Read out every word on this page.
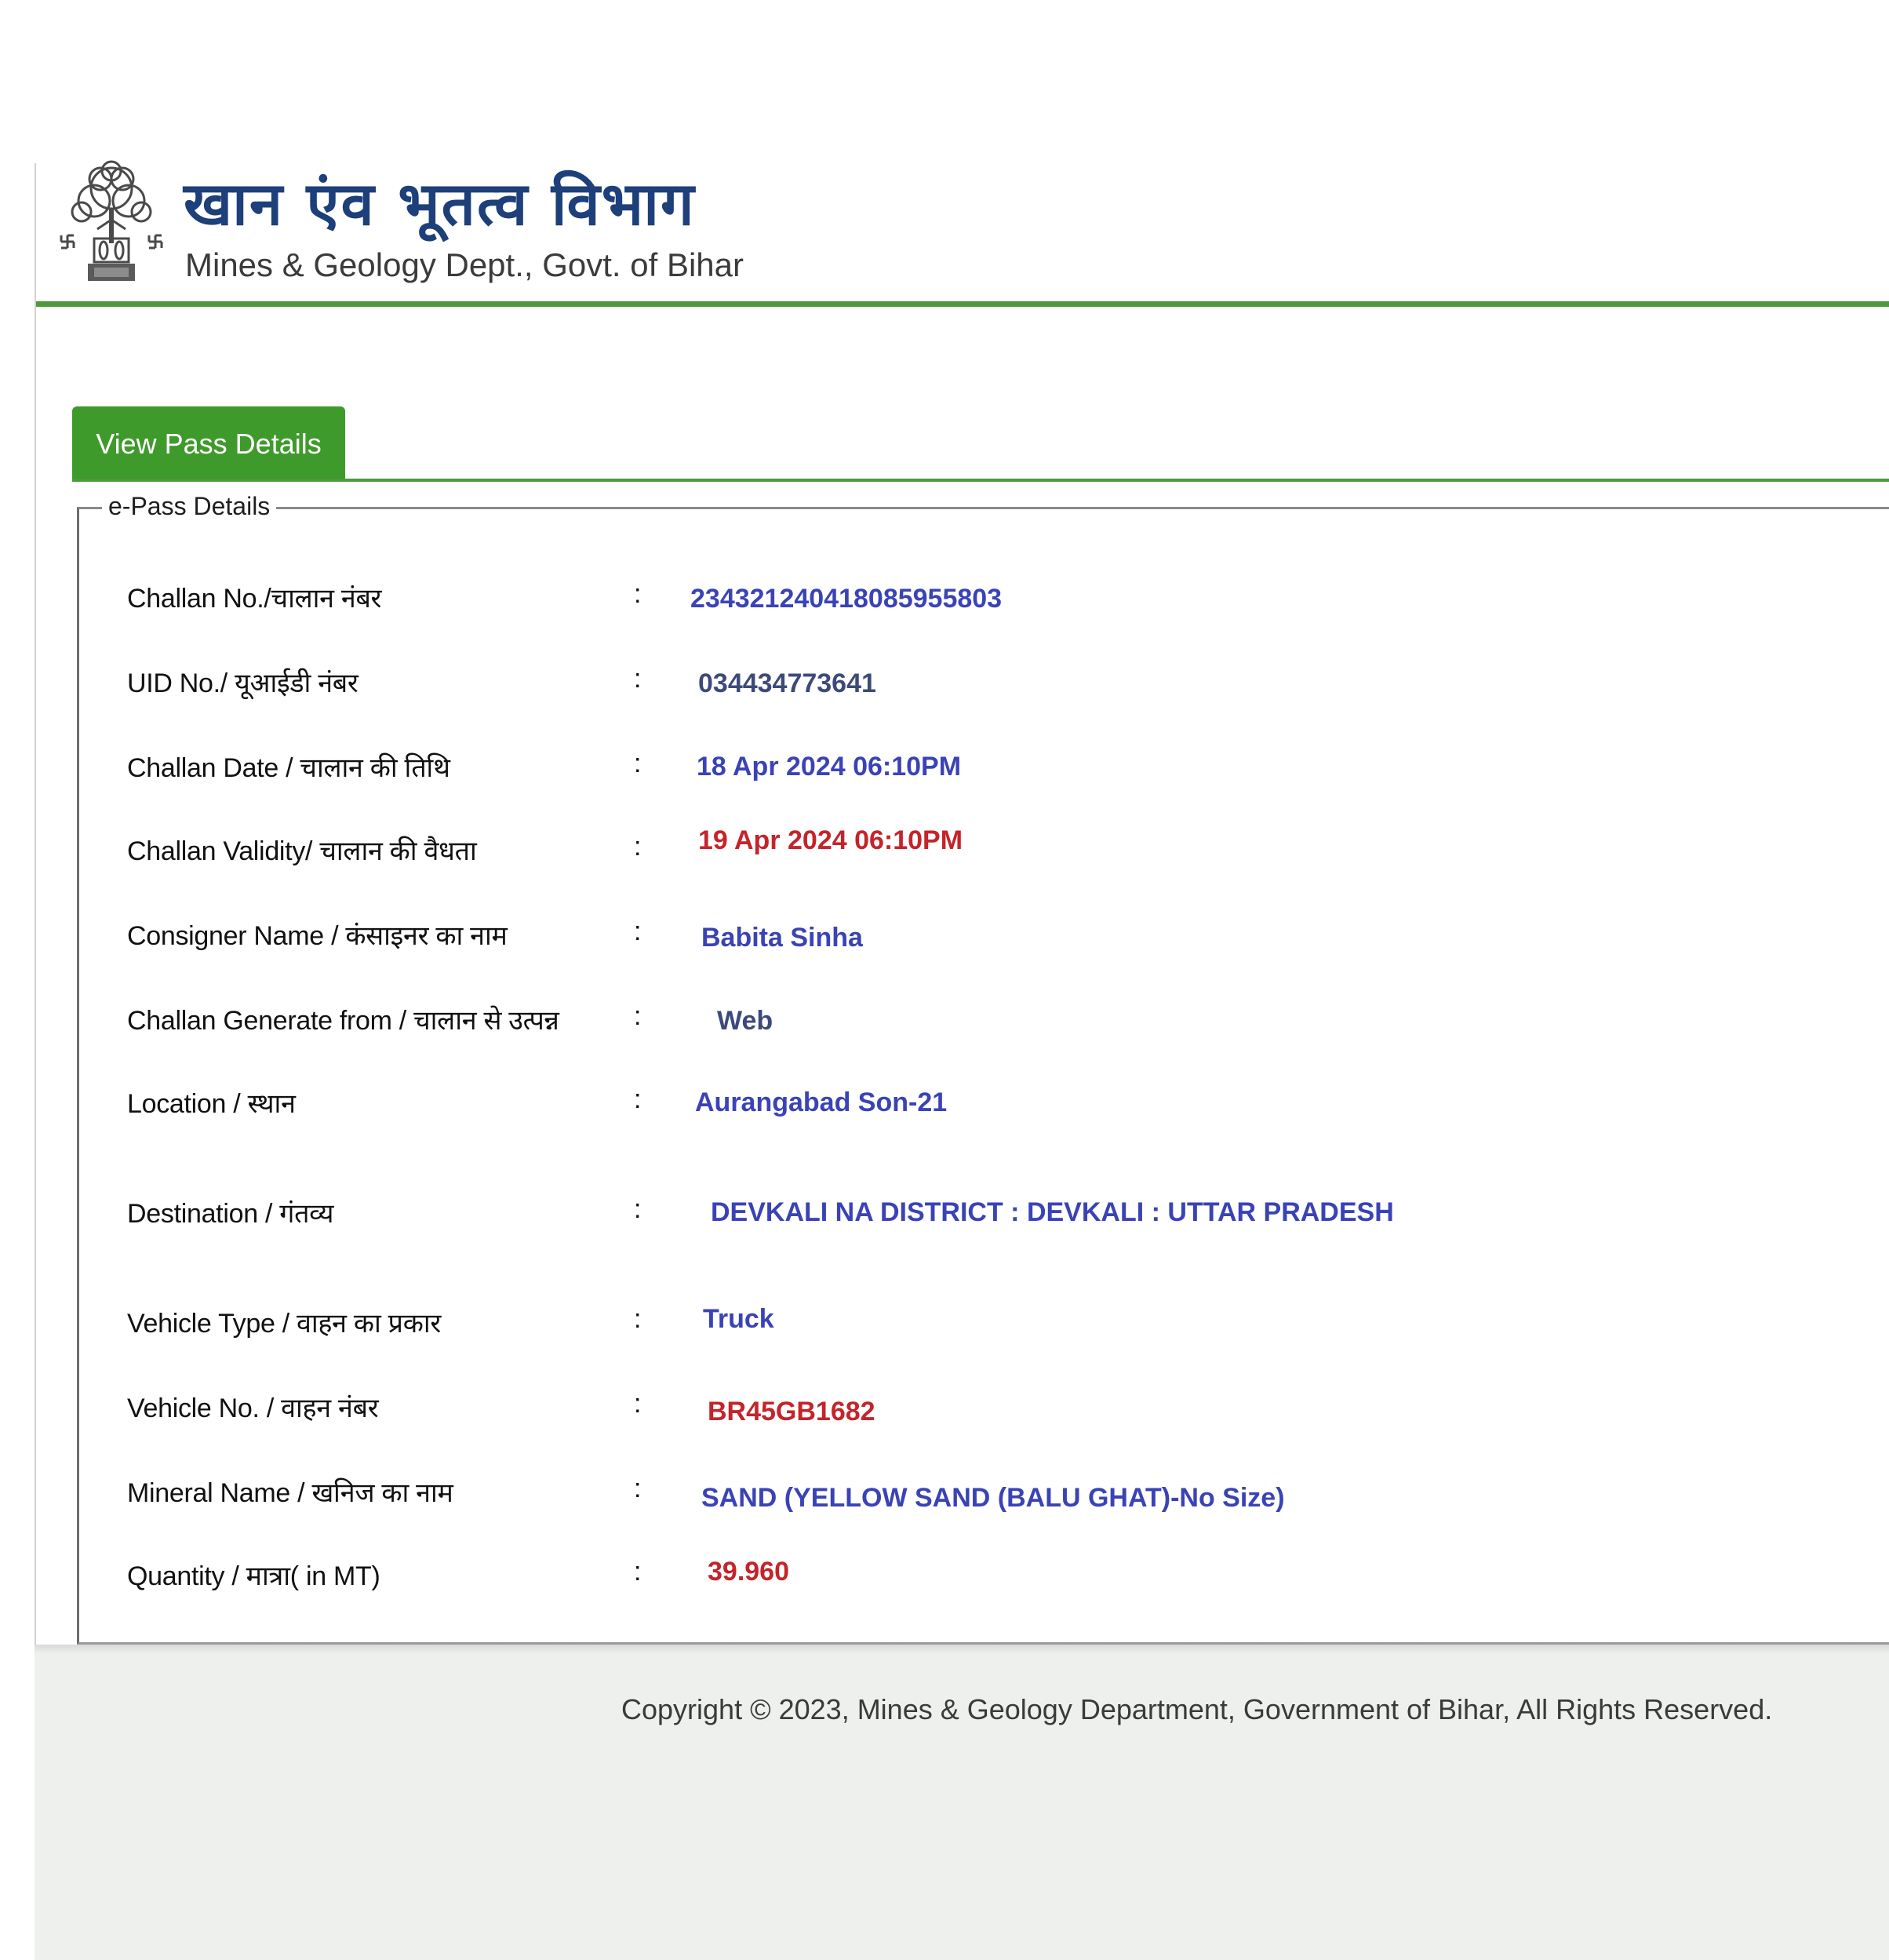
खान एंव भूतत्व विभाग
Mines & Geology Dept., Govt. of Bihar
View Pass Details
e-Pass Details
Challan No./चालान नंबर	: 234321240418085955803
UID No./ यूआईडी नंबर	: 034434773641
Challan Date / चालान की तिथि	: 18 Apr 2024 06:10PM
Challan Validity/ चालान की वैधता	: 19 Apr 2024 06:10PM
Consigner Name / कंसाइनर का नाम	: Babita Sinha
Challan Generate from / चालान से उत्पन्न	:	Web
Location / स्थान	: Aurangabad Son-21
Destination / गंतव्य	:	DEVKALI NA DISTRICT : DEVKALI : UTTAR PRADESH
Vehicle Type / वाहन का प्रकार	: Truck
Vehicle No. / वाहन नंबर	: BR45GB1682
Mineral Name / खनिज का नाम	: SAND (YELLOW SAND (BALU GHAT)-No Size)
Quantity / मात्रा( in MT)	: 39.960
Copyright © 2023, Mines & Geology Department, Government of Bihar, All Rights Reserved.
